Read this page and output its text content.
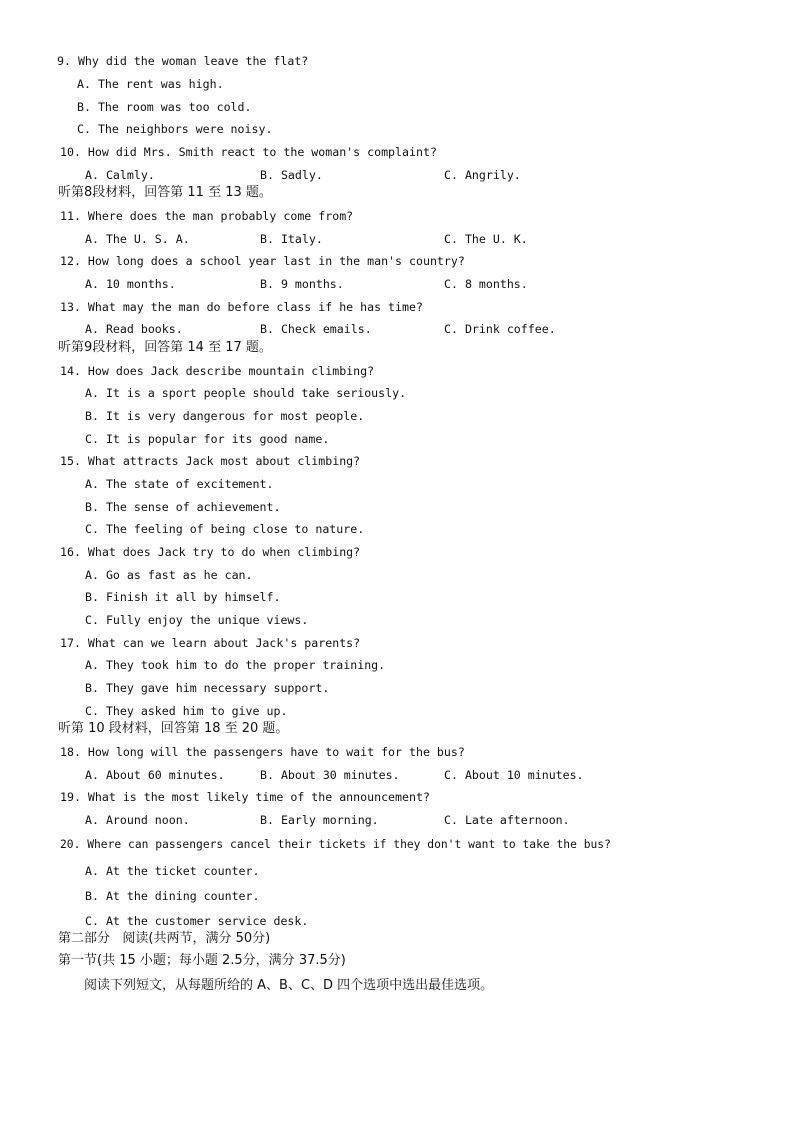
9. Why did the woman leave the flat?
A. The rent was high.
B. The room was too cold.
C. The neighbors were noisy.
10. How did Mrs. Smith react to the woman's complaint?
A. Calmly.	B. Sadly.	C. Angrily.
听第8段材料，回答第 11 至 13 题。
11. Where does the man probably come from?
A. The U. S. A.	B. Italy.	C. The U. K.
12. How long does a school year last in the man's country?
A. 10 months.	B. 9 months.	C. 8 months.
13. What may the man do before class if he has time?
A. Read books.	B. Check emails.	C. Drink coffee.
听第9段材料，回答第 14 至 17 题。
14. How does Jack describe mountain climbing?
A. It is a sport people should take seriously.
B. It is very dangerous for most people.
C. It is popular for its good name.
15. What attracts Jack most about climbing?
A. The state of excitement.
B. The sense of achievement.
C. The feeling of being close to nature.
16. What does Jack try to do when climbing?
A. Go as fast as he can.
B. Finish it all by himself.
C. Fully enjoy the unique views.
17. What can we learn about Jack's parents?
A. They took him to do the proper training.
B. They gave him necessary support.
C. They asked him to give up.
听第 10 段材料，回答第 18 至 20 题。
18. How long will the passengers have to wait for the bus?
A. About 60 minutes.	B. About 30 minutes.	C. About 10 minutes.
19. What is the most likely time of the announcement?
A. Around noon.	B. Early morning.	C. Late afternoon.
20. Where can passengers cancel their tickets if they don't want to take the bus?
A. At the ticket counter.
B. At the dining counter.
C. At the customer service desk.
第二部分   阅读(共两节，满分 50分)
第一节(共 15 小题；每小题 2.5分，满分 37.5分)
阅读下列短文，从每题所给的 A、B、C、D 四个选项中选出最佳选项。
